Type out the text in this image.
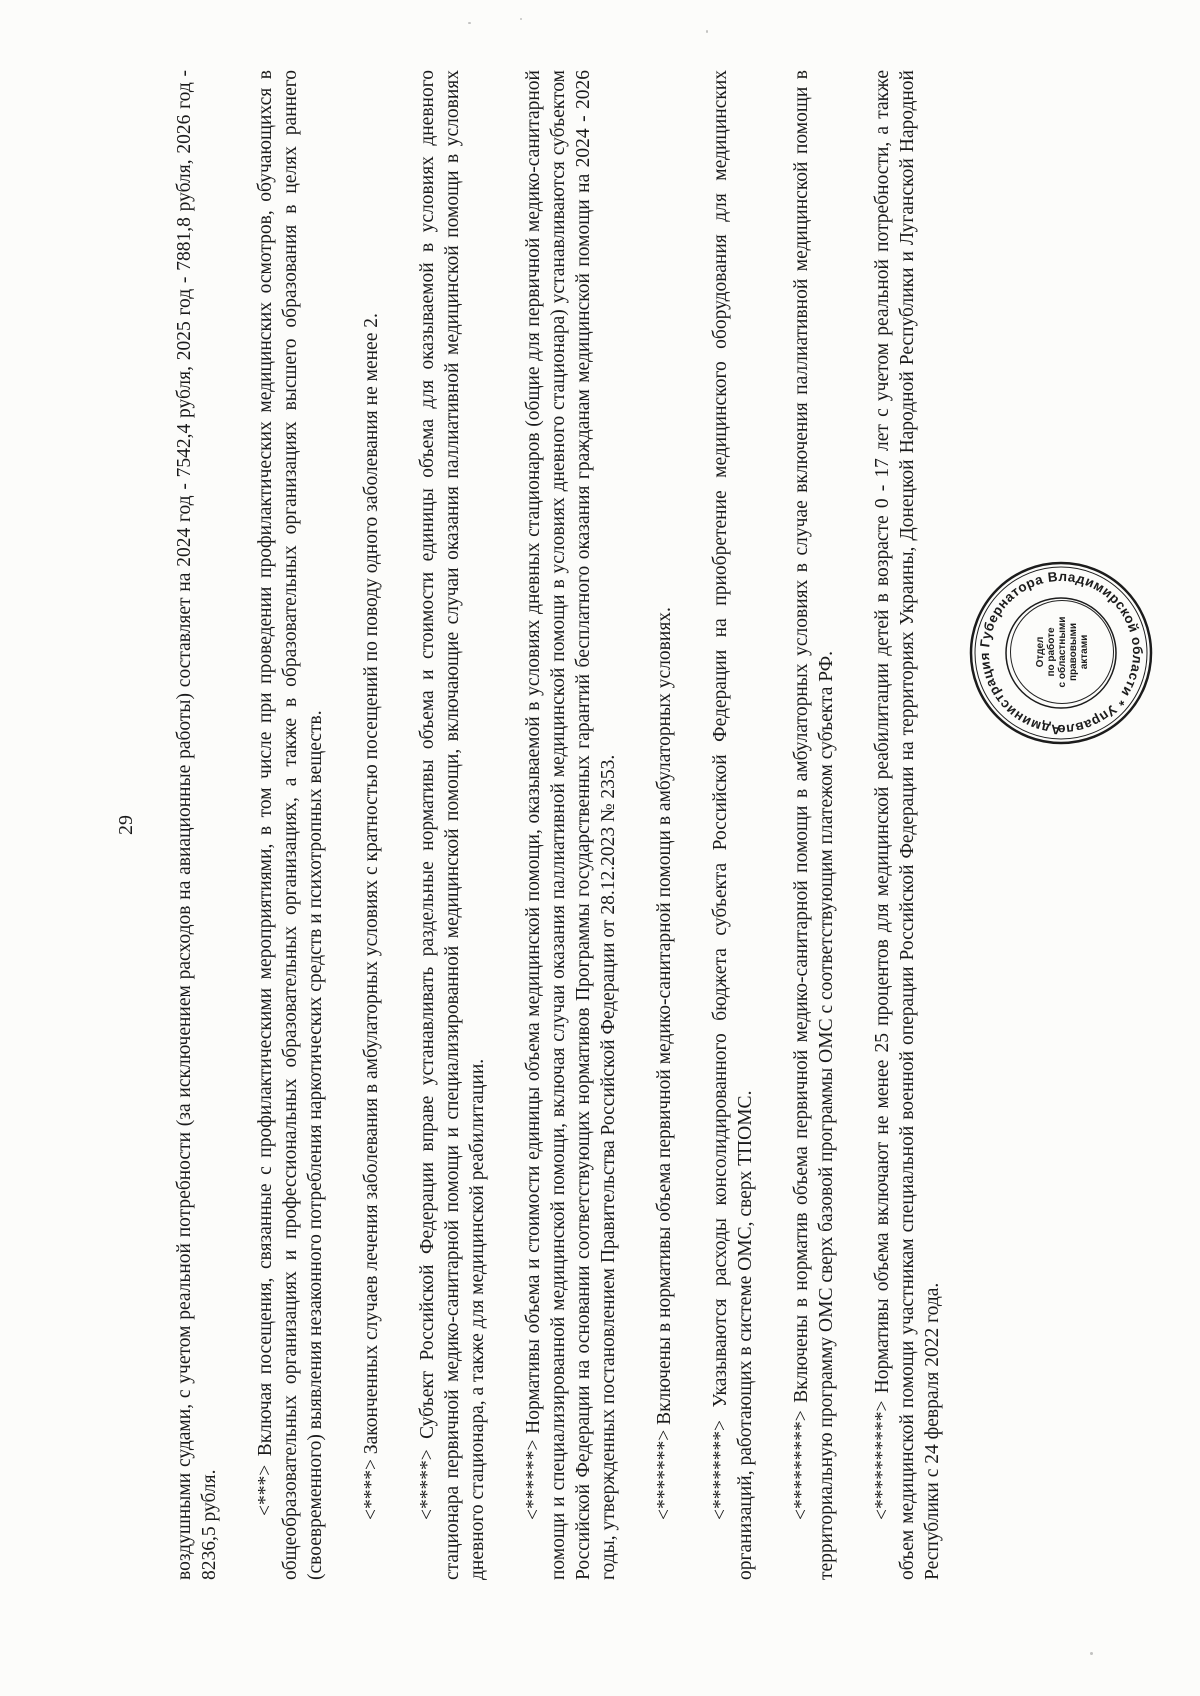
29 воздушными судами, с учетом реальной потребности (за исключением расходов на авиационные работы) составляет на 2024 год - 7542,4 рубля, 2025 год - 7881,8 рубля, 2026 год - 8236,5 рубля.

<***> Включая посещения, связанные с профилактическими мероприятиями, в том числе при проведении профилактических медицинских осмотров, обучающихся в общеобразовательных организациях и профессиональных образовательных организациях, а также в образовательных организациях высшего образования в целях раннего (своевременного) выявления незаконного потребления наркотических средств и психотропных веществ. <****> Законченных случаев лечения заболевания в амбулаторных условиях с кратностью посещений по поводу одного заболевания не менее 2. <*****> Субъект Российской Федерации вправе устанавливать раздельные нормативы объема и стоимости единицы объема для оказываемой в условиях дневного стационара первичной медико-санитарной помощи и специализированной медицинской помощи, включающие случаи оказания паллиативной медицинской помощи в условиях дневного стационара, а также для медицинской реабилитации. <******> Нормативы объема и стоимости единицы объема медицинской помощи, оказываемой в условиях дневных стационаров (общие для первичной медико-санитарной помощи и специализированной медицинской помощи, включая случаи оказания паллиативной медицинской помощи в условиях дневного стационара) устанавливаются субъектом Российской Федерации на основании соответствующих нормативов Программы государственных гарантий бесплатного оказания гражданам медицинской помощи на 2024 - 2026 годы, утвержденных постановлением Правительства Российской Федерации от 28.12.2023 № 2353. <*******> Включены в нормативы объема первичной медико-санитарной помощи в амбулаторных условиях. <********> Указываются расходы консолидированного бюджета субъекта Российской Федерации на приобретение медицинского оборудования для медицинских организаций, работающих в системе ОМС, сверх ТПОМС. <*********> Включены в норматив объема первичной медико-санитарной помощи в амбулаторных условиях в случае включения паллиативной медицинской помощи в территориальную программу ОМС сверх базовой программы ОМС с соответствующим платежом субъекта РФ. <**********> Нормативы объема включают не менее 25 процентов для медицинской реабилитации детей в возрасте 0 - 17 лет с учетом реальной потребности, а также объем медицинской помощи участникам специальной военной операции Российской Федерации на территориях Украины, Донецкой Народной Республики и Луганской Народной Республики с 24 февраля 2022 года.

Администрация Губернатора Владимирской области * Управле
Отдел по работе с областными правовыми актами
